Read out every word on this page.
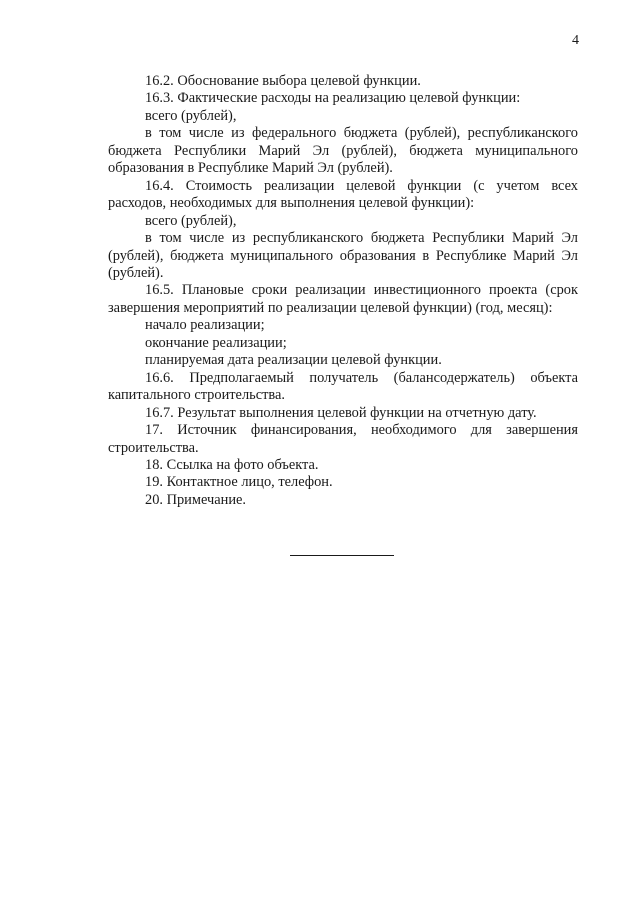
4

16.2. Обоснование выбора целевой функции.

16.3. Фактические расходы на реализацию целевой функции:

всего (рублей),

в том числе из федерального бюджета (рублей), республиканского бюджета Республики Марий Эл (рублей), бюджета муниципального образования в Республике Марий Эл (рублей).

16.4. Стоимость реализации целевой функции (с учетом всех расходов, необходимых для выполнения целевой функции):

всего (рублей),

в том числе из республиканского бюджета Республики Марий Эл (рублей), бюджета муниципального образования в Республике Марий Эл (рублей).

16.5. Плановые сроки реализации инвестиционного проекта (срок завершения мероприятий по реализации целевой функции) (год, месяц):

начало реализации;

окончание реализации;

планируемая дата реализации целевой функции.

16.6. Предполагаемый получатель (балансодержатель) объекта капитального строительства.

16.7. Результат выполнения целевой функции на отчетную дату.

17. Источник финансирования, необходимого для завершения строительства.

18. Ссылка на фото объекта.

19. Контактное лицо, телефон.

20. Примечание.
